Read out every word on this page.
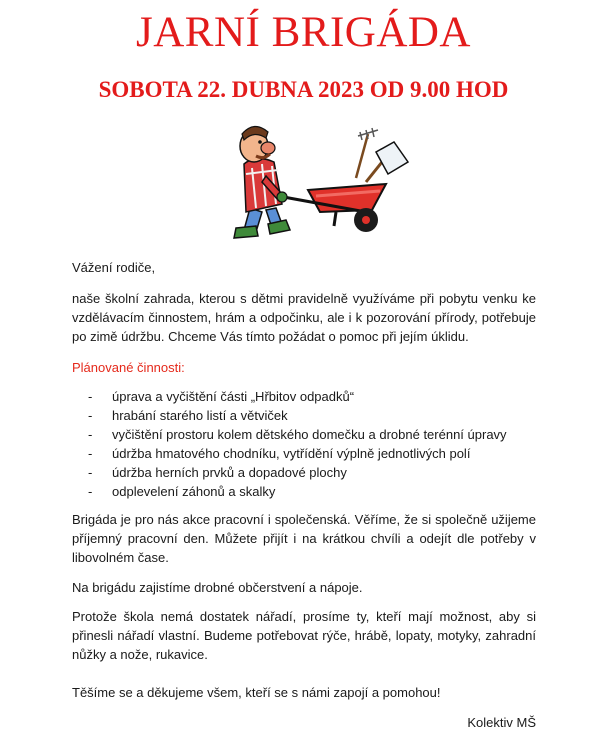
JARNÍ BRIGÁDA
SOBOTA 22. DUBNA 2023 OD 9.00 HOD
Vážení rodiče,
naše školní zahrada, kterou s dětmi pravidelně využíváme při pobytu venku ke vzdělávacím činnostem, hrám a odpočinku, ale i k pozorování přírody, potřebuje po zimě údržbu. Chceme Vás tímto požádat o pomoc při jejím úklidu.
Plánované činnosti:
- úprava a vyčištění části „Hřbitov odpadků“
- hrabání starého listí a větviček
- vyčištění prostoru kolem dětského domečku a drobné terénní úpravy
- údržba hmatového chodníku, vytřídění výplně jednotlivých polí
- údržba herních prvků a dopadové plochy
- odplevelení záhonů a skalky
Brigáda je pro nás akce pracovní i společenská. Věříme, že si společně užijeme příjemný pracovní den. Můžete přijít i na krátkou chvíli a odejít dle potřeby v libovolném čase.
Na brigádu zajistíme drobné občerstvení a nápoje.
Protože škola nemá dostatek nářadí, prosíme ty, kteří mají možnost, aby si přinesli nářadí vlastní. Budeme potřebovat rýče, hrábě, lopaty, motyky, zahradní nůžky a nože, rukavice.
Těšíme se a děkujeme všem, kteří se s námi zapojí a pomohou!
Kolektiv MŠ
